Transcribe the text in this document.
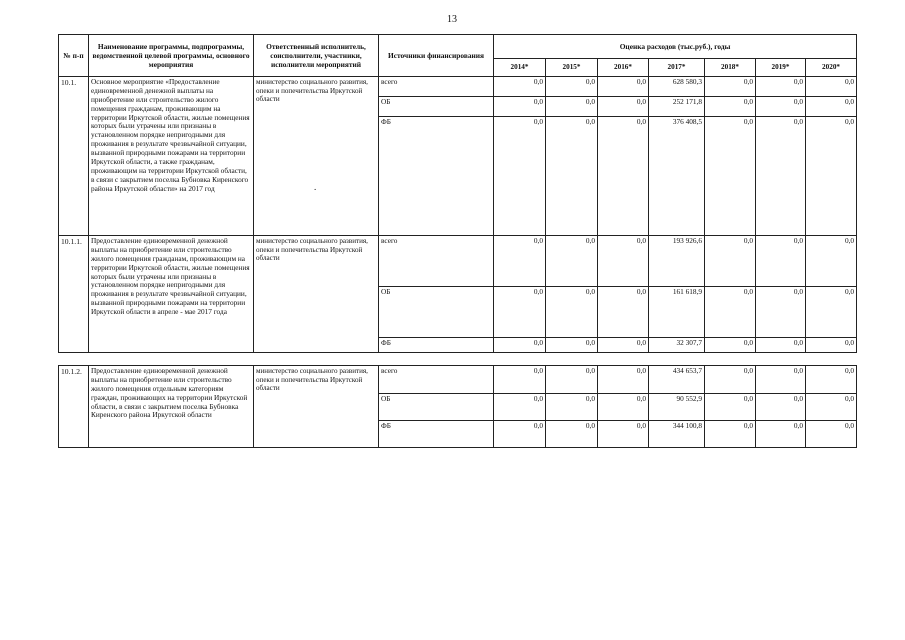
13
.
№ п-п	Наименование программы, подпрограммы, ведомственной целевой программы, основного мероприятия	Ответственный исполнитель, соисполнители, участники, исполнители мероприятий	Источники финансирования	Оценка расходов (тыс.руб.), годы						
				2014*	2015*	2016*	2017*	2018*	2019*	2020*
10.1.	Основное мероприятие «Предоставление единовременной денежной выплаты на приобретение или строительство жилого помещения гражданам, проживающим на территории Иркутской области, жилые помещения которых были утрачены или признаны в установленном порядке непригодными для проживания в результате чрезвычайной ситуации, вызванной природными пожарами на территории Иркутской области, а также гражданам, проживающим на территории Иркутской области, в связи с закрытием поселка Бубновка Киренского района Иркутской области» на 2017 год	министерство социального развития, опеки и попечительства Иркутской области	всего	0,0	0,0	0,0	628 580,3	0,0	0,0	0,0
			ОБ	0,0	0,0	0,0	252 171,8	0,0	0,0	0,0
			ФБ	0,0	0,0	0,0	376 408,5	0,0	0,0	0,0
10.1.1.	Предоставление единовременной денежной выплаты на приобретение или строительство жилого помещения гражданам, проживающим на территории Иркутской области, жилые помещения которых были утрачены или признаны в установленном порядке непригодными для проживания в результате чрезвычайной ситуации, вызванной природными пожарами на территории Иркутской области в апреле - мае 2017 года	министерство социального развития, опеки и попечительства Иркутской области	всего	0,0	0,0	0,0	193 926,6	0,0	0,0	0,0
			ОБ	0,0	0,0	0,0	161 618,9	0,0	0,0	0,0
			ФБ	0,0	0,0	0,0	32 307,7	0,0	0,0	0,0

10.1.2.	Предоставление единовременной денежной выплаты на приобретение или строительство жилого помещения отдельным категориям граждан, проживающих на территории Иркутской области, в связи с закрытием поселка Бубновка Киренского района Иркутской области	министерство социального развития, опеки и попечительства Иркутской области	всего	0,0	0,0	0,0	434 653,7	0,0	0,0	0,0
			ОБ	0,0	0,0	0,0	90 552,9	0,0	0,0	0,0
			ФБ	0,0	0,0	0,0	344 100,8	0,0	0,0	0,0
